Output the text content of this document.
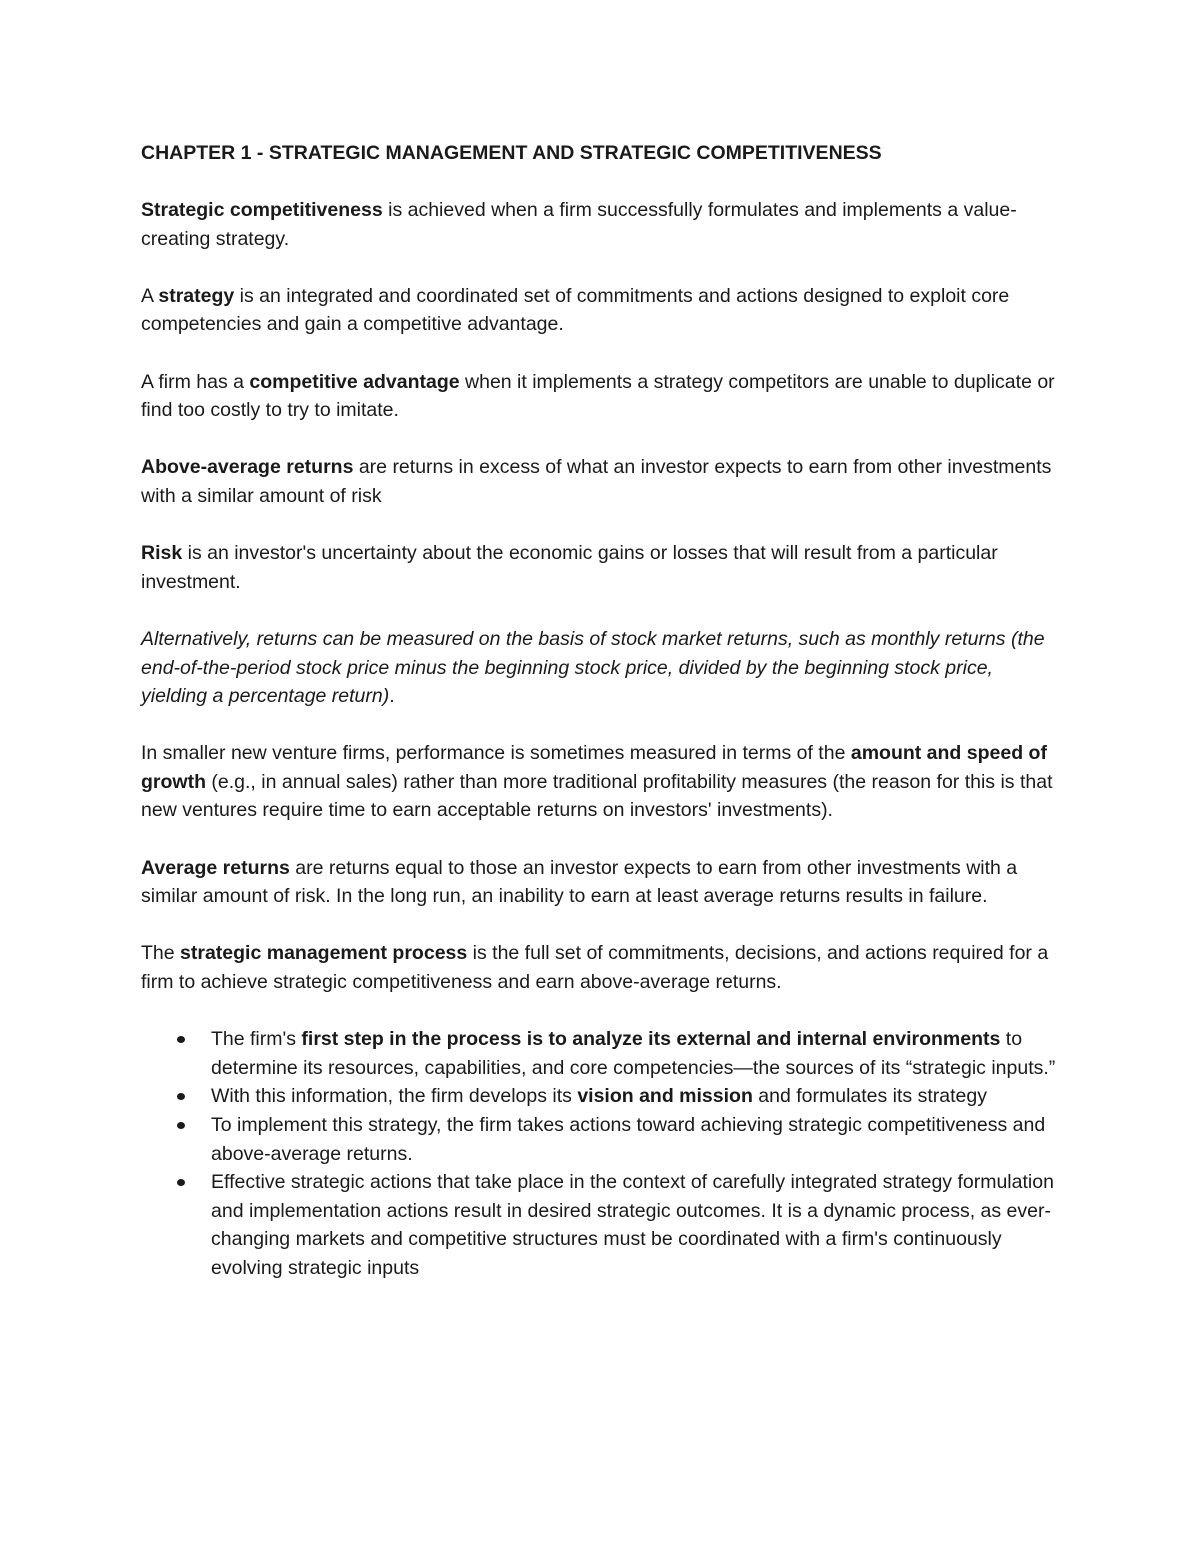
CHAPTER 1 - STRATEGIC MANAGEMENT AND STRATEGIC COMPETITIVENESS

Strategic competitiveness is achieved when a firm successfully formulates and implements a value-creating strategy.

A strategy is an integrated and coordinated set of commitments and actions designed to exploit core competencies and gain a competitive advantage.

A firm has a competitive advantage when it implements a strategy competitors are unable to duplicate or find too costly to try to imitate.

Above-average returns are returns in excess of what an investor expects to earn from other investments with a similar amount of risk

Risk is an investor's uncertainty about the economic gains or losses that will result from a particular investment.

Alternatively, returns can be measured on the basis of stock market returns, such as monthly returns (the end-of-the-period stock price minus the beginning stock price, divided by the beginning stock price, yielding a percentage return).

In smaller new venture firms, performance is sometimes measured in terms of the amount and speed of growth (e.g., in annual sales) rather than more traditional profitability measures (the reason for this is that new ventures require time to earn acceptable returns on investors' investments).

Average returns are returns equal to those an investor expects to earn from other investments with a similar amount of risk. In the long run, an inability to earn at least average returns results in failure.

The strategic management process is the full set of commitments, decisions, and actions required for a firm to achieve strategic competitiveness and earn above-average returns.

The firm's first step in the process is to analyze its external and internal environments to determine its resources, capabilities, and core competencies—the sources of its “strategic inputs.”
With this information, the firm develops its vision and mission and formulates its strategy
To implement this strategy, the firm takes actions toward achieving strategic competitiveness and above-average returns.
Effective strategic actions that take place in the context of carefully integrated strategy formulation and implementation actions result in desired strategic outcomes. It is a dynamic process, as ever-changing markets and competitive structures must be coordinated with a firm's continuously evolving strategic inputs
